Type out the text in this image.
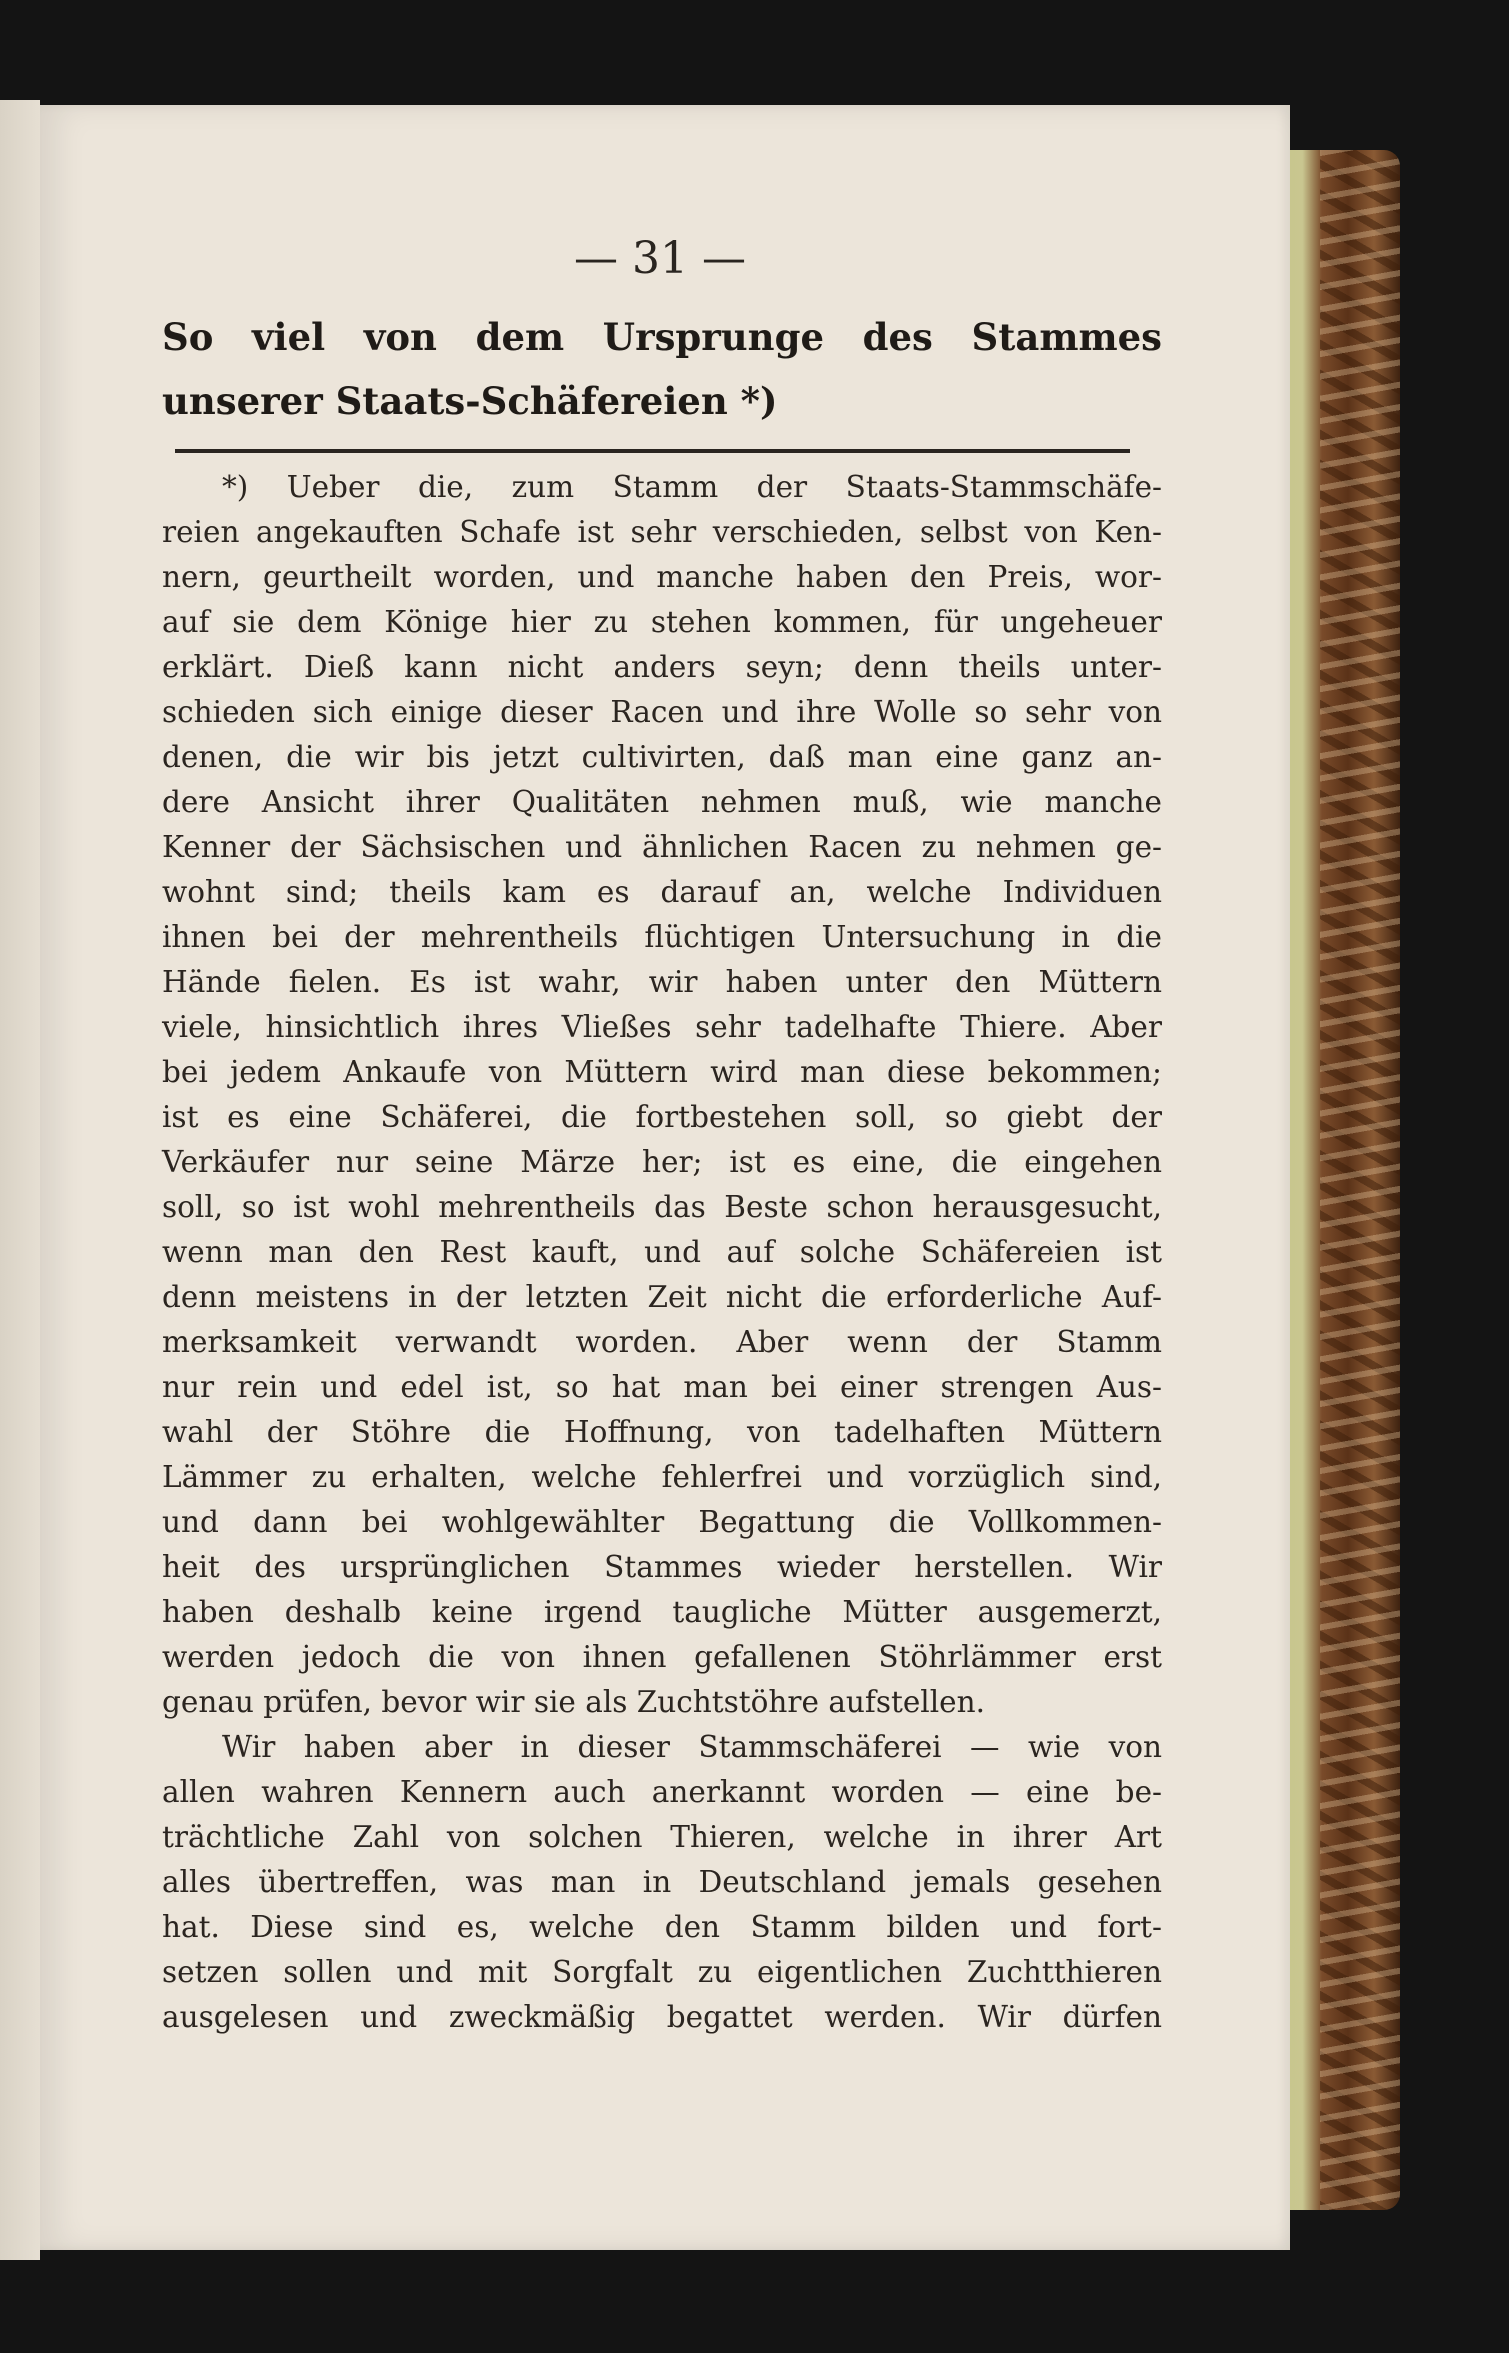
— 31 —
So viel von dem Ursprunge des Stammes
unserer Staats-Schäfereien *)
*) Ueber die, zum Stamm der Staats-Stammschäfe-
reien angekauften Schafe ist sehr verschieden, selbst von Ken-
nern, geurtheilt worden, und manche haben den Preis, wor-
auf sie dem Könige hier zu stehen kommen, für ungeheuer
erklärt. Dieß kann nicht anders seyn; denn theils unter-
schieden sich einige dieser Racen und ihre Wolle so sehr von
denen, die wir bis jetzt cultivirten, daß man eine ganz an-
dere Ansicht ihrer Qualitäten nehmen muß, wie manche
Kenner der Sächsischen und ähnlichen Racen zu nehmen ge-
wohnt sind; theils kam es darauf an, welche Individuen
ihnen bei der mehrentheils flüchtigen Untersuchung in die
Hände fielen. Es ist wahr, wir haben unter den Müttern
viele, hinsichtlich ihres Vließes sehr tadelhafte Thiere. Aber
bei jedem Ankaufe von Müttern wird man diese bekommen;
ist es eine Schäferei, die fortbestehen soll, so giebt der
Verkäufer nur seine Märze her; ist es eine, die eingehen
soll, so ist wohl mehrentheils das Beste schon herausgesucht,
wenn man den Rest kauft, und auf solche Schäfereien ist
denn meistens in der letzten Zeit nicht die erforderliche Auf-
merksamkeit verwandt worden. Aber wenn der Stamm
nur rein und edel ist, so hat man bei einer strengen Aus-
wahl der Stöhre die Hoffnung, von tadelhaften Müttern
Lämmer zu erhalten, welche fehlerfrei und vorzüglich sind,
und dann bei wohlgewählter Begattung die Vollkommen-
heit des ursprünglichen Stammes wieder herstellen. Wir
haben deshalb keine irgend taugliche Mütter ausgemerzt,
werden jedoch die von ihnen gefallenen Stöhrlämmer erst
genau prüfen, bevor wir sie als Zuchtstöhre aufstellen.
Wir haben aber in dieser Stammschäferei — wie von
allen wahren Kennern auch anerkannt worden — eine be-
trächtliche Zahl von solchen Thieren, welche in ihrer Art
alles übertreffen, was man in Deutschland jemals gesehen
hat. Diese sind es, welche den Stamm bilden und fort-
setzen sollen und mit Sorgfalt zu eigentlichen Zuchtthieren
ausgelesen und zweckmäßig begattet werden. Wir dürfen
